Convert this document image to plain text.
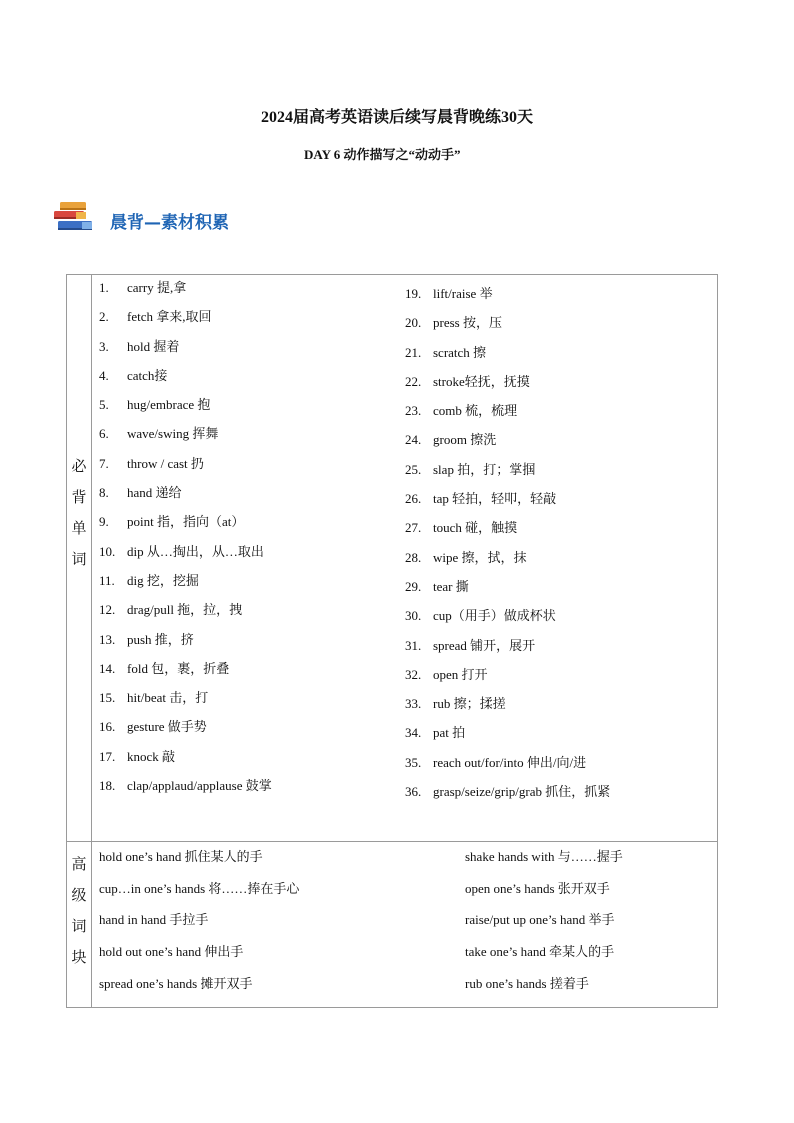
2024届高考英语读后续写晨背晚练30天
DAY 6 动作描写之“动动手”
晨背—素材积累
必
背
单
词
1. carry 提,拿
2. fetch 拿来,取回
3. hold 握着
4. catch接
5. hug/embrace 抱
6. wave/swing 挥舞
7. throw / cast 扔
8. hand 递给
9. point 指，指向（at）
10. dip 从…掏出，从…取出
11. dig 挖，挖掘
12. drag/pull 拖，拉，拽
13. push 推，挤
14. fold 包，裹，折叠
15. hit/beat 击，打
16. gesture 做手势
17. knock 敲
18. clap/applaud/applause 鼓掌
19. lift/raise 举
20. press 按，压
21. scratch 擦
22. stroke轻抚，抚摸
23. comb 梳，梳理
24. groom 擦洗
25. slap 拍，打；掌掴
26. tap 轻拍，轻叩，轻敲
27. touch 碰，触摸
28. wipe 擦，拭，抹
29. tear 撕
30. cup（用手）做成杯状
31. spread 铺开，展开
32. open 打开
33. rub 擦；揉搓
34. pat 拍
35. reach out/for/into 伸出/向/进
36. grasp/seize/grip/grab 抓住，抓紧
高
级
词
块
hold one’s hand 抓住某人的手
cup…in one’s hands 将……捧在手心
hand in hand 手拉手
hold out one’s hand 伸出手
spread one’s hands 摊开双手
shake hands with 与……握手
open one’s hands 张开双手
raise/put up one’s hand 举手
take one’s hand 牵某人的手
rub one’s hands 搓着手
